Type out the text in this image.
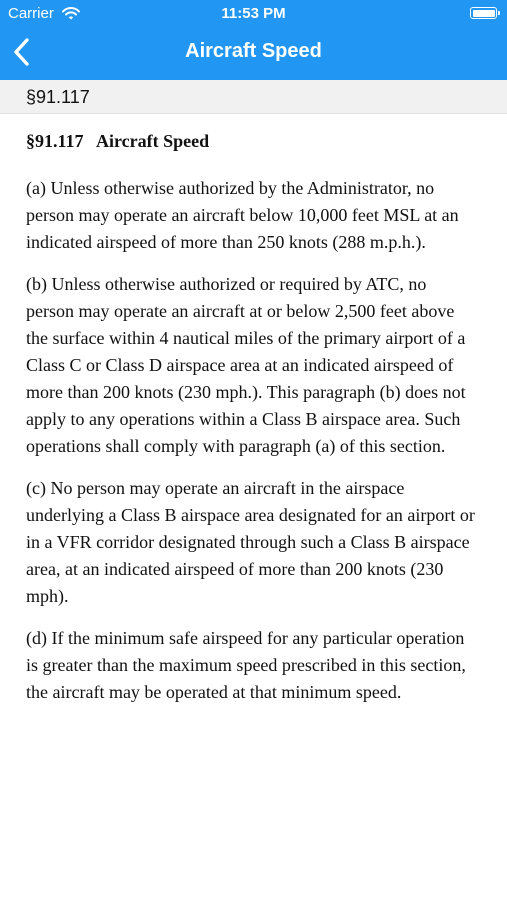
Carrier	11:53 PM
Aircraft Speed
§91.117
§91.117   Aircraft Speed

(a) Unless otherwise authorized by the Administrator, no person may operate an aircraft below 10,000 feet MSL at an indicated airspeed of more than 250 knots (288 m.p.h.).

(b) Unless otherwise authorized or required by ATC, no person may operate an aircraft at or below 2,500 feet above the surface within 4 nautical miles of the primary airport of a Class C or Class D airspace area at an indicated airspeed of more than 200 knots (230 mph.). This paragraph (b) does not apply to any operations within a Class B airspace area. Such operations shall comply with paragraph (a) of this section.

(c) No person may operate an aircraft in the airspace underlying a Class B airspace area designated for an airport or in a VFR corridor designated through such a Class B airspace area, at an indicated airspeed of more than 200 knots (230 mph).

(d) If the minimum safe airspeed for any particular operation is greater than the maximum speed prescribed in this section, the aircraft may be operated at that minimum speed.
